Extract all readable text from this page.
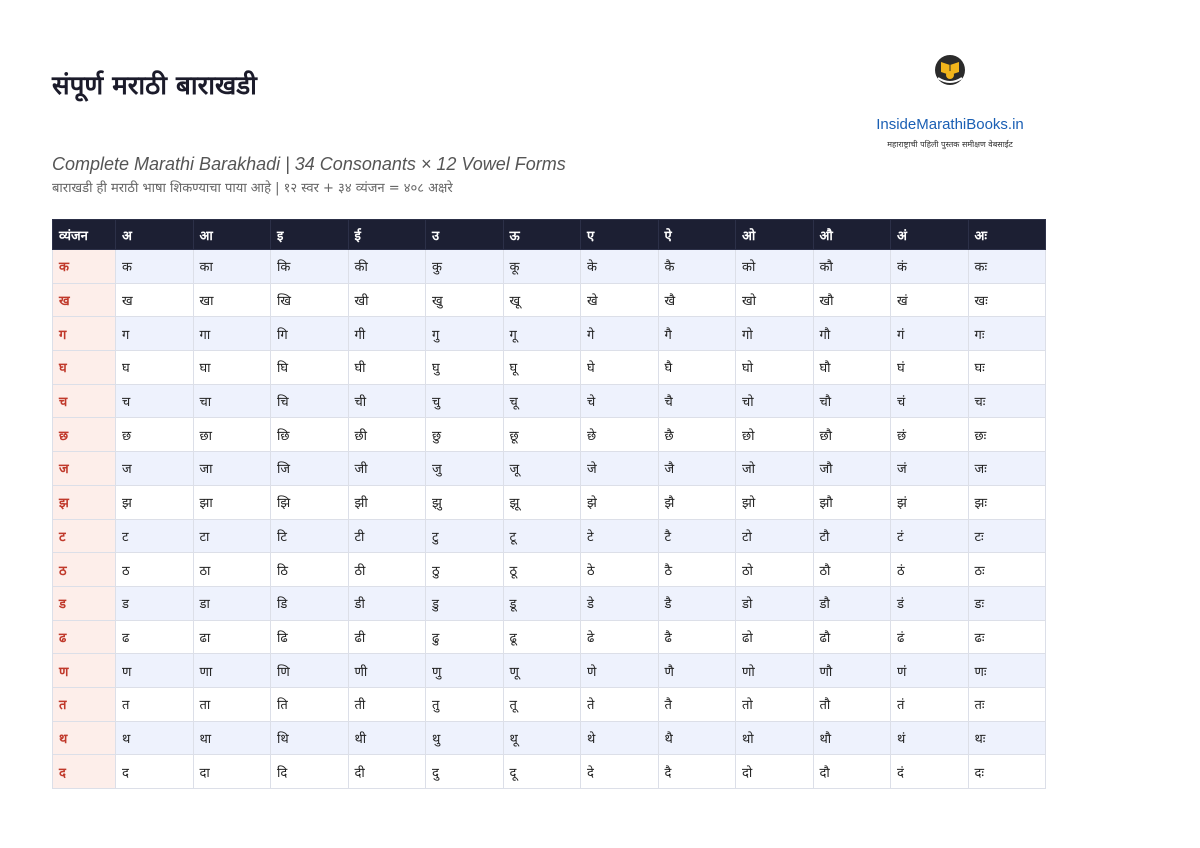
संपूर्ण मराठी बाराखडी
InsideMarathiBooks.in
महाराष्ट्राची पहिली पुस्तक समीक्षण वेबसाईट
Complete Marathi Barakhadi | 34 Consonants × 12 Vowel Forms
बाराखडी ही मराठी भाषा शिकण्याचा पाया आहे | १२ स्वर + ३४ व्यंजन = ४०८ अक्षरे
व्यंजन	अ	आ	इ	ई	उ	ऊ	ए	ऐ	ओ	औ	अं	अः
क	क	का	कि	की	कु	कू	के	कै	को	कौ	कं	कः
ख	ख	खा	खि	खी	खु	खू	खे	खै	खो	खौ	खं	खः
ग	ग	गा	गि	गी	गु	गू	गे	गै	गो	गौ	गं	गः
घ	घ	घा	घि	घी	घु	घू	घे	घै	घो	घौ	घं	घः
च	च	चा	चि	ची	चु	चू	चे	चै	चो	चौ	चं	चः
छ	छ	छा	छि	छी	छु	छू	छे	छै	छो	छौ	छं	छः
ज	ज	जा	जि	जी	जु	जू	जे	जै	जो	जौ	जं	जः
झ	झ	झा	झि	झी	झु	झू	झे	झै	झो	झौ	झं	झः
ट	ट	टा	टि	टी	टु	टू	टे	टै	टो	टौ	टं	टः
ठ	ठ	ठा	ठि	ठी	ठु	ठू	ठे	ठै	ठो	ठौ	ठं	ठः
ड	ड	डा	डि	डी	डु	डू	डे	डै	डो	डौ	डं	डः
ढ	ढ	ढा	ढि	ढी	ढु	ढू	ढे	ढै	ढो	ढौ	ढं	ढः
ण	ण	णा	णि	णी	णु	णू	णे	णै	णो	णौ	णं	णः
त	त	ता	ति	ती	तु	तू	ते	तै	तो	तौ	तं	तः
थ	थ	था	थि	थी	थु	थू	थे	थै	थो	थौ	थं	थः
द	द	दा	दि	दी	दु	दू	दे	दै	दो	दौ	दं	दः
